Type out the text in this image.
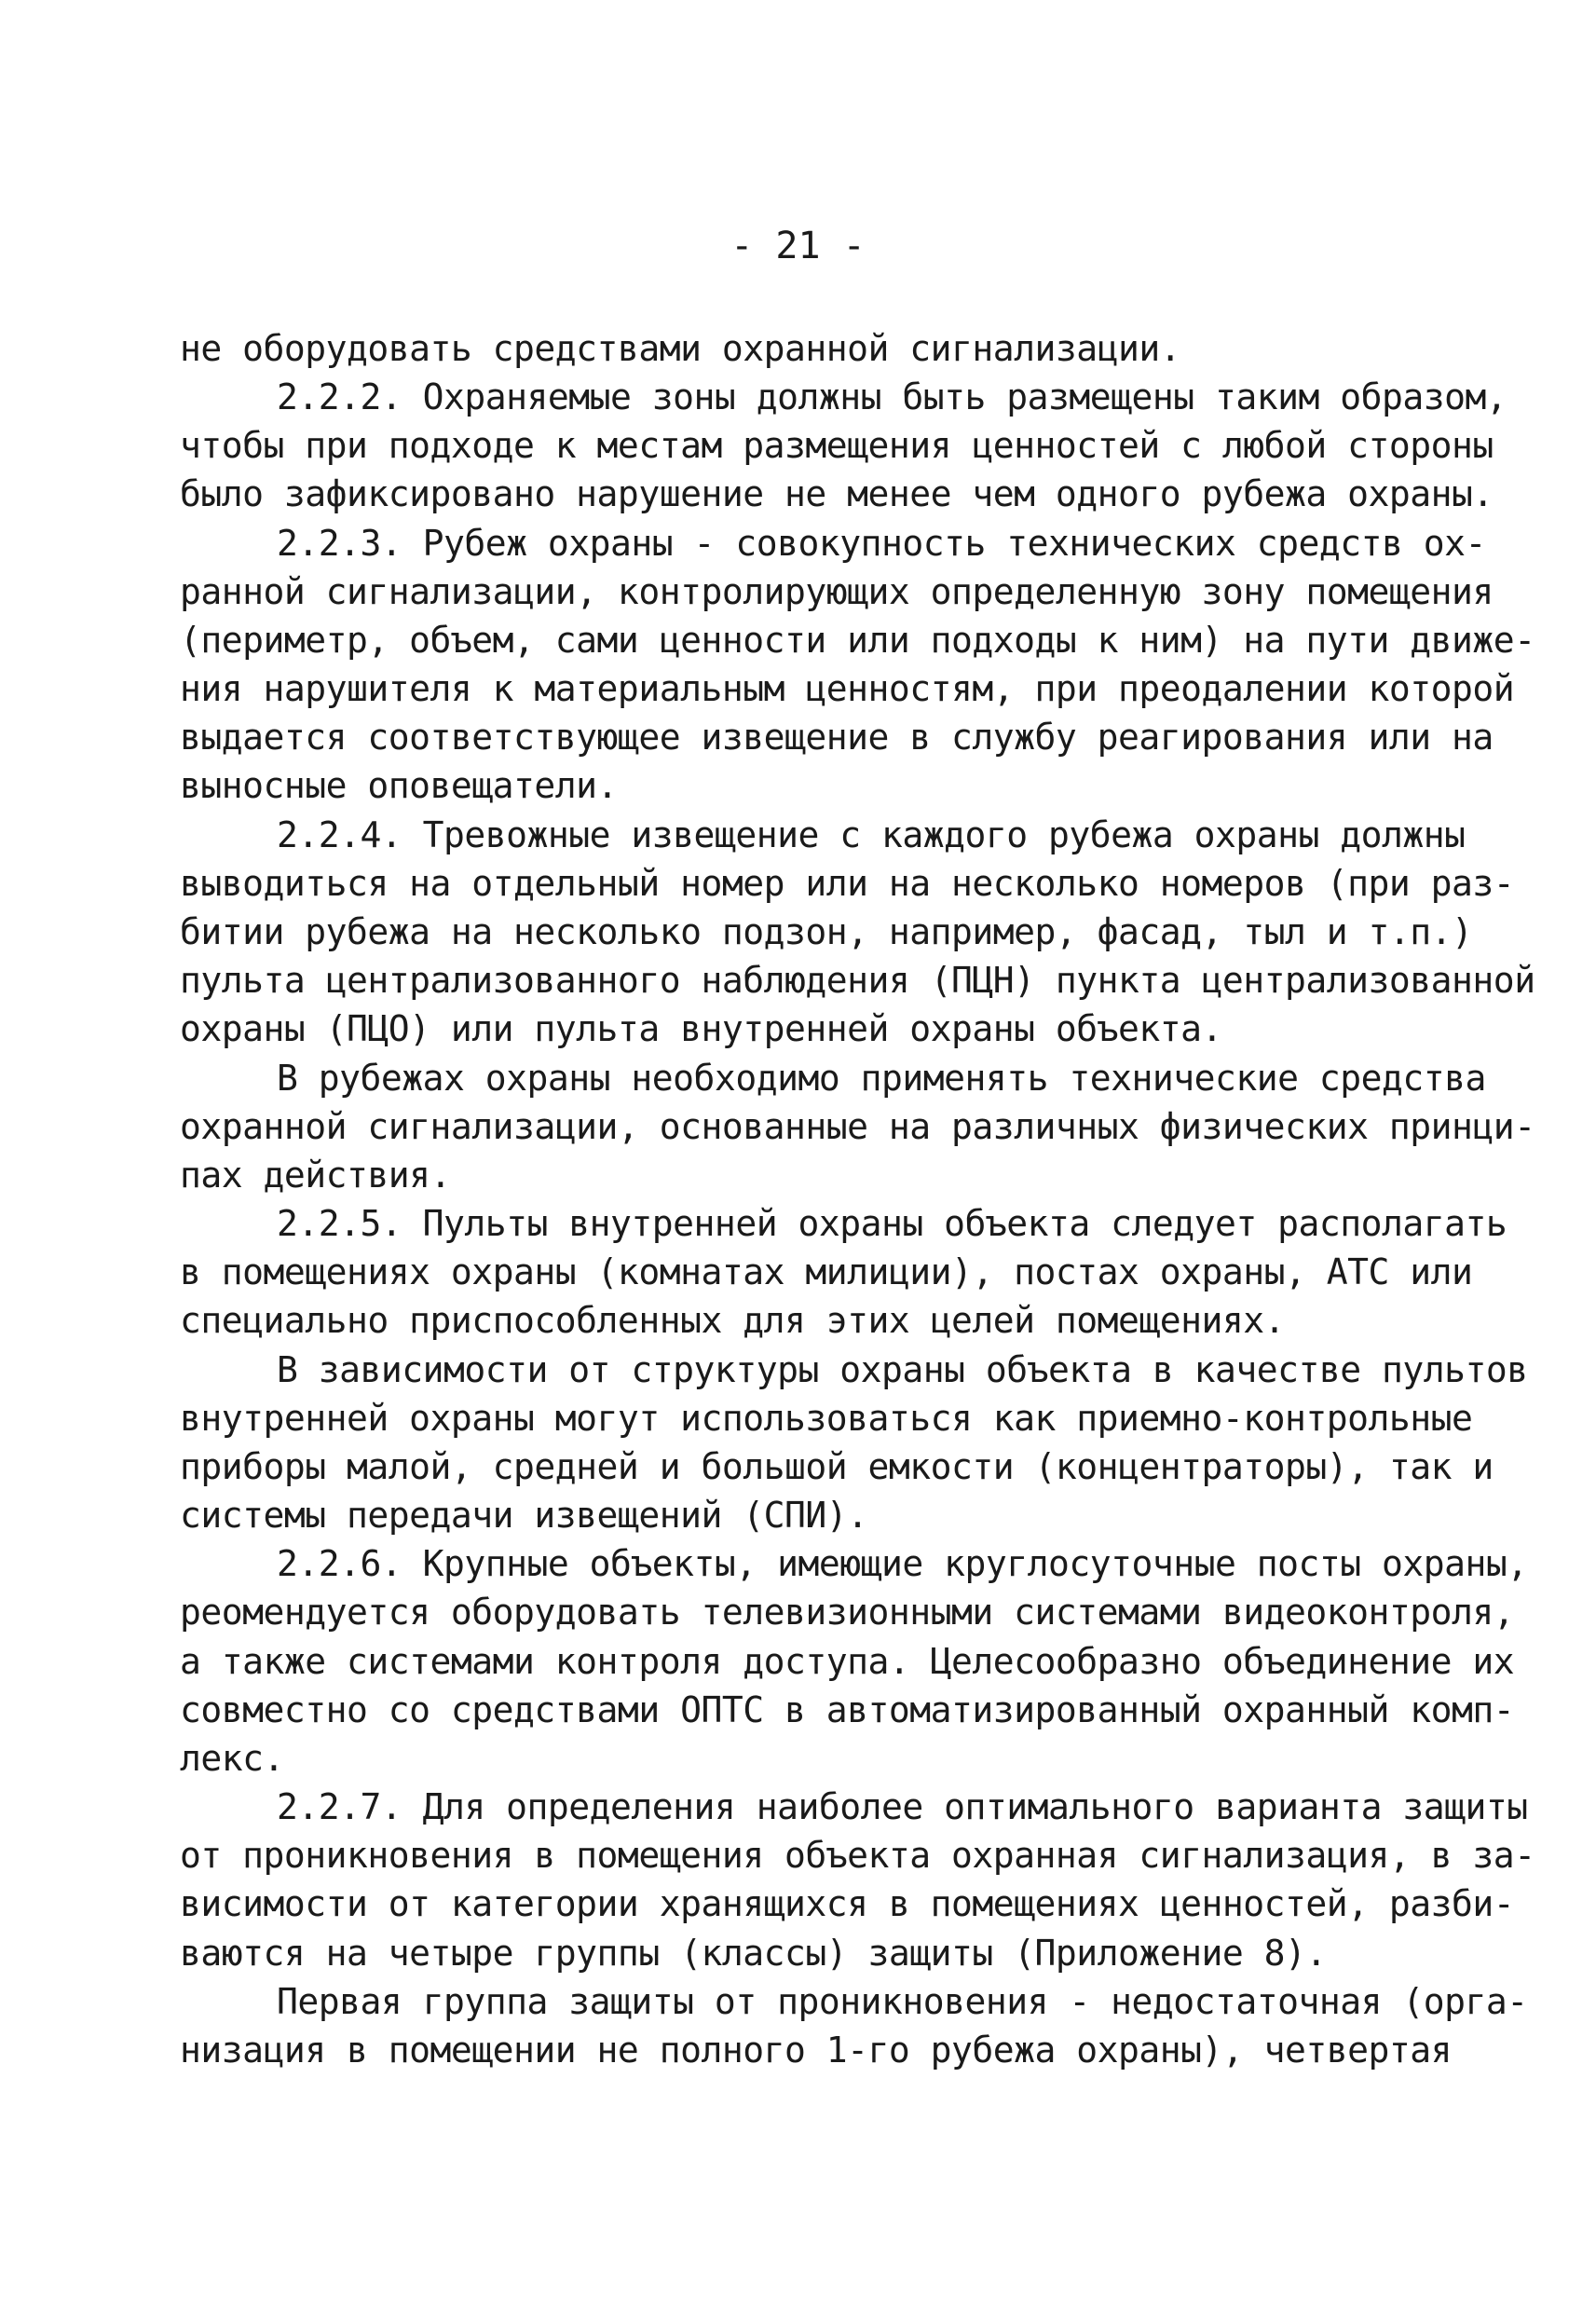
- 21 -
не оборудовать средствами охранной сигнализации.
2.2.2. Охраняемые зоны должны быть размещены таким образом,
чтобы при подходе к местам размещения ценностей с любой стороны
было зафиксировано нарушение не менее чем одного рубежа охраны.
2.2.3. Рубеж охраны - совокупность технических средств ох-
ранной сигнализации, контролирующих определенную зону помещения
(периметр, объем, сами ценности или подходы к ним) на пути движе-
ния нарушителя к материальным ценностям, при преодалении которой
выдается соответствующее извещение в службу реагирования или на
выносные оповещатели.
2.2.4. Тревожные извещение с каждого рубежа охраны должны
выводиться на отдельный номер или на несколько номеров (при раз-
битии рубежа на несколько подзон, например, фасад, тыл и т.п.)
пульта централизованного наблюдения (ПЦН) пункта централизованной
охраны (ПЦО) или пульта внутренней охраны объекта.
В рубежах охраны необходимо применять технические средства
охранной сигнализации, основанные на различных физических принци-
пах действия.
2.2.5. Пульты внутренней охраны объекта следует располагать
в помещениях охраны (комнатах милиции), постах охраны, АТС или
специально приспособленных для этих целей помещениях.
В зависимости от структуры охраны объекта в качестве пультов
внутренней охраны могут использоваться как приемно-контрольные
приборы малой, средней и большой емкости (концентраторы), так и
системы передачи извещений (СПИ).
2.2.6. Крупные объекты, имеющие круглосуточные посты охраны,
реомендуется оборудовать телевизионными системами видеоконтроля,
а также системами контроля доступа. Целесообразно объединение их
совместно со средствами ОПТС в автоматизированный охранный комп-
лекс.
2.2.7. Для определения наиболее оптимального варианта защиты
от проникновения в помещения объекта охранная сигнализация, в за-
висимости от категории хранящихся в помещениях ценностей, разби-
ваются на четыре группы (классы) защиты (Приложение 8).
Первая группа защиты от проникновения - недостаточная (орга-
низация в помещении не полного 1-го рубежа охраны), четвертая
